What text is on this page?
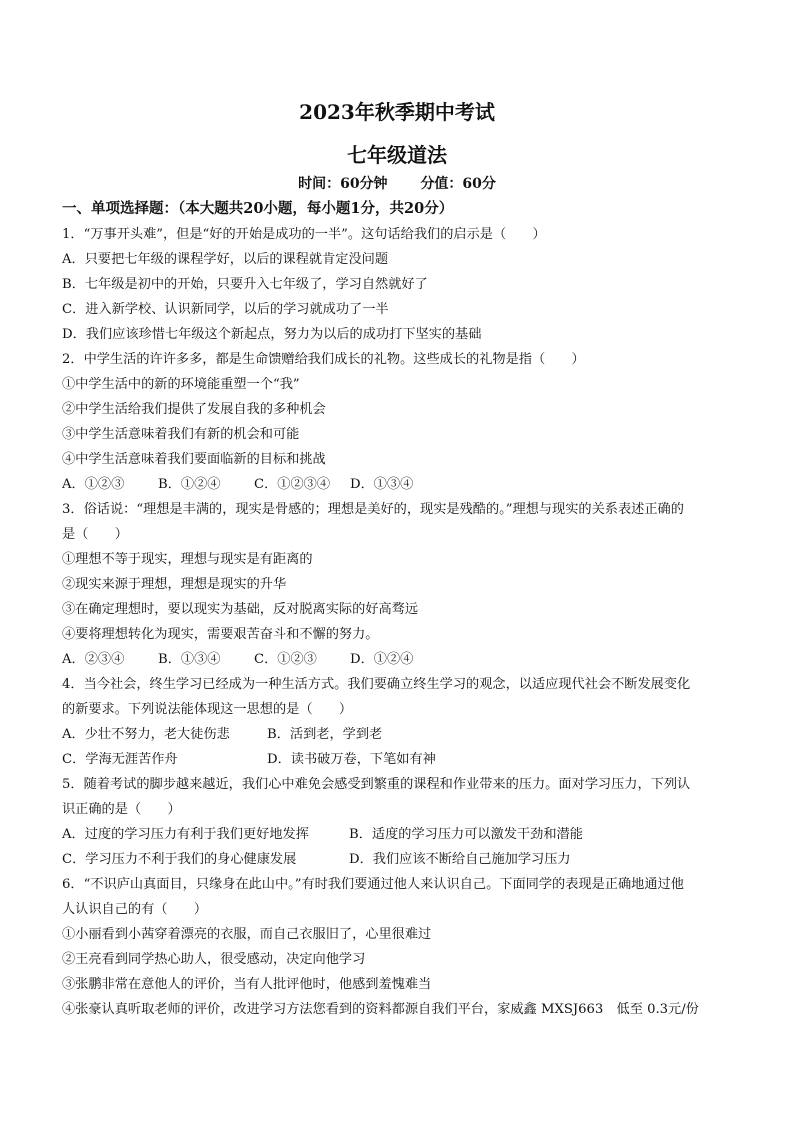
2023年秋季期中考试
七年级道法
时间：60分钟 分值：60分
一、单项选择题：（本大题共20小题，每小题1分，共20分）
1．“万事开头难”，但是“好的开始是成功的一半”。这句话给我们的启示是（　　）
A．只要把七年级的课程学好，以后的课程就肯定没问题
B．七年级是初中的开始，只要升入七年级了，学习自然就好了
C．进入新学校、认识新同学，以后的学习就成功了一半
D．我们应该珍惜七年级这个新起点，努力为以后的成功打下坚实的基础
2．中学生活的许许多多，都是生命馈赠给我们成长的礼物。这些成长的礼物是指（　　）
①中学生活中的新的环境能重塑一个“我”
②中学生活给我们提供了发展自我的多种机会
③中学生活意味着我们有新的机会和可能
④中学生活意味着我们要面临新的目标和挑战
A．①②③	B．①②④	C．①②③④	D．①③④
3．俗话说：“理想是丰满的，现实是骨感的；理想是美好的，现实是残酷的。”理想与现实的关系表述正确的
是（　　）
①理想不等于现实，理想与现实是有距离的
②现实来源于理想，理想是现实的升华
③在确定理想时，要以现实为基础，反对脱离实际的好高骛远
④要将理想转化为现实，需要艰苦奋斗和不懈的努力。
A．②③④	B．①③④	C．①②③	D．①②④
4．当今社会，终生学习已经成为一种生活方式。我们要确立终生学习的观念，以适应现代社会不断发展变化
的新要求。下列说法能体现这一思想的是（　　）
A．少壮不努力，老大徒伤悲	B．活到老，学到老
C．学海无涯苦作舟	D．读书破万卷，下笔如有神
5．随着考试的脚步越来越近，我们心中难免会感受到繁重的课程和作业带来的压力。面对学习压力，下列认
识正确的是（　　）
A．过度的学习压力有利于我们更好地发挥	B．适度的学习压力可以激发干劲和潜能
C．学习压力不利于我们的身心健康发展	D．我们应该不断给自己施加学习压力
6．“不识庐山真面目，只缘身在此山中。”有时我们要通过他人来认识自己。下面同学的表现是正确地通过他
人认识自己的有（　　）
①小丽看到小茜穿着漂亮的衣服，而自己衣服旧了，心里很难过
②王亮看到同学热心助人，很受感动，决定向他学习
③张鹏非常在意他人的评价，当有人批评他时，他感到羞愧难当
④张豪认真听取老师的评价，改进学习方法您看到的资料都源自我们平台，家威鑫 MXSJ663　低至 0.3元/份
